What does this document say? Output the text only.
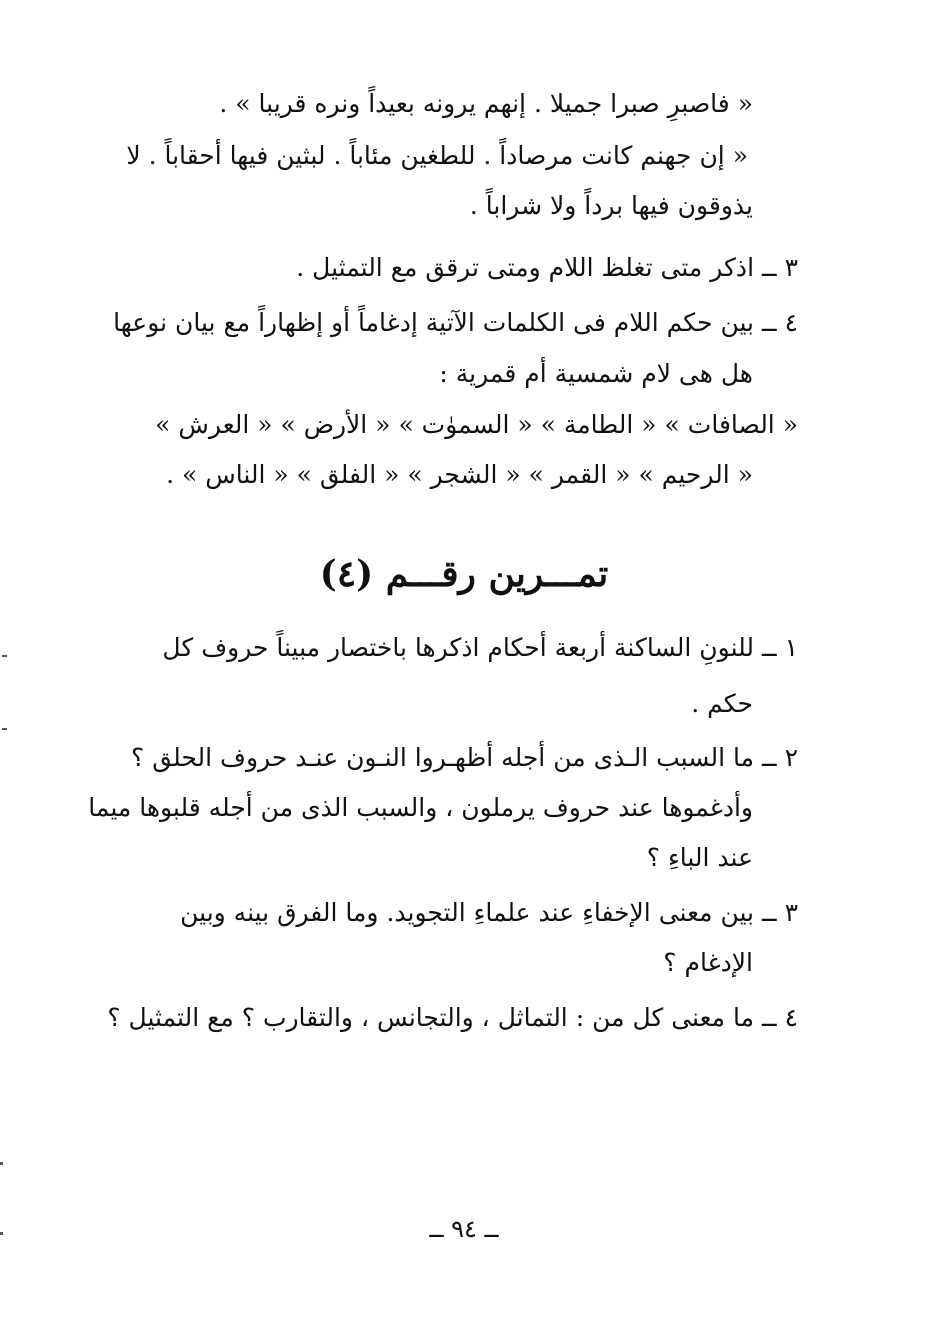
« فاصبرِ صبرا جميلا . إنهم يرونه بعيداً ونره قريبا » .
« إن جهنم كانت مرصاداً . للطغين مئاباً . لبثين فيها أحقاباً . لا
يذوقون فيها برداً ولا شراباً .
٣ ــ اذكر متى تغلظ اللام ومتى ترقق مع التمثيل .
٤ ــ بين حكم اللام فى الكلمات الآتية إدغاماً أو إظهاراً مع بيان نوعها
هل هى لام شمسية أم قمرية :
« الصافات » « الطامة » « السموٰت » « الأرض » « العرش »
« الرحيم » « القمر » « الشجر » « الفلق » « الناس » .
تمـــرين رقـــم (٤)
١ ــ للنونِ الساكنة أربعة أحكام اذكرها باختصار مبيناً حروف كل
حكم .
٢ ــ ما السبب الـذى من أجله أظهـروا النـون عنـد حروف الحلق ؟
وأدغموها عند حروف يرملون ، والسبب الذى من أجله قلبوها ميما
عند الباءِ ؟
٣ ــ بين معنى الإخفاءِ عند علماءِ التجويد. وما الفرق بينه وبين
الإدغام ؟
٤ ــ ما معنى كل من : التماثل ، والتجانس ، والتقارب ؟ مع التمثيل ؟
ــ ٩٤ ــ
